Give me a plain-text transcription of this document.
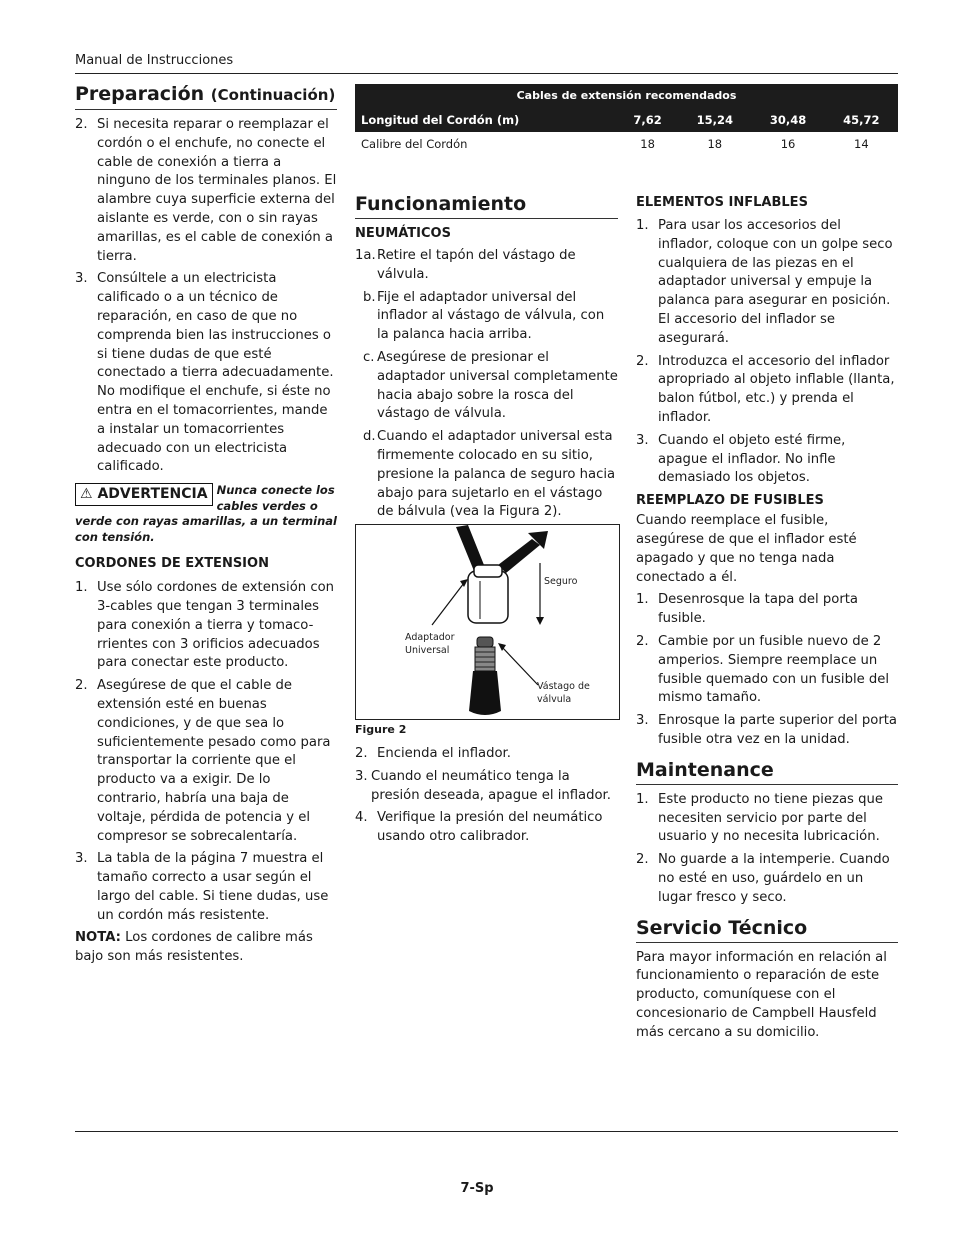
Manual de Instrucciones
Preparación (Continuación)
2. Si necesita reparar o reemplazar el cordón o el enchufe, no conecte el cable de conexión a tierra a ninguno de los terminales planos. El alambre cuya superficie externa del aislante es verde, con o sin rayas amarillas, es el cable de conexión a tierra.
3. Consúltele a un electricista calificado o a un técnico de reparación, en caso de que no comprenda bien las instrucciones o si tiene dudas de que esté conectado a tierra adecuadamente. No modifique el enchufe, si éste no entra en el tomacorrientes, mande a instalar un tomacorrientes adecuado con un electricista calificado.
⚠ ADVERTENCIA Nunca conecte los cables verdes o verde con rayas amarillas, a un terminal con tensión.
CORDONES DE EXTENSION
1. Use sólo cordones de extensión con 3-cables que tengan 3 terminales para conexión a tierra y tomaco-rrientes con 3 orificios adecuados para conectar este producto.
2. Asegúrese de que el cable de extensión esté en buenas condiciones, y de que sea lo suficientemente pesado como para transportar la corriente que el producto va a exigir. De lo contrario, habría una baja de voltaje, pérdida de potencia y el compresor se sobrecalentaría.
3. La tabla de la página 7 muestra el tamaño correcto a usar según el largo del cable. Si tiene dudas, use un cordón más resistente.

NOTA: Los cordones de calibre más bajo son más resistentes.

Cables de extensión recomendados				
Longitud del Cordón (m)	7,62	15,24	30,48	45,72
Calibre del Cordón	18	18	16	14
Funcionamiento
NEUMÁTICOS
1a. Retire el tapón del vástago de válvula.
b. Fije el adaptador universal del inflador al vástago de válvula, con la palanca hacia arriba.
c. Asegúrese de presionar el adaptador universal completamente hacia abajo sobre la rosca del vástago de válvula.
d. Cuando el adaptador universal esta firmemente colocado en su sitio, presione la palanca de seguro hacia abajo para sujetarlo en el vástago de bálvula (vea la Figura 2).
Seguro
Adaptador
Universal
Vástago de
válvula
Figure 2
2. Encienda el inflador.
3. Cuando el neumático tenga la presión deseada, apague el inflador.
4. Verifique la presión del neumático usando otro calibrador.
ELEMENTOS INFLABLES
1. Para usar los accesorios del inflador, coloque con un golpe seco cualquiera de las piezas en el adaptador universal y empuje la palanca para asegurar en posición. El accesorio del inflador se asegurará.
2. Introduzca el accesorio del inflador apropriado al objeto inflable (llanta, balon fútbol, etc.) y prenda el inflador.
3. Cuando el objeto esté firme, apague el inflador. No infle demasiado los objetos.
REEMPLAZO DE FUSIBLES

Cuando reemplace el fusible, asegúrese de que el inflador esté apagado y que no tenga nada conectado a él.

1. Desenrosque la tapa del porta fusible.
2. Cambie por un fusible nuevo de 2 amperios. Siempre reemplace un fusible quemado con un fusible del mismo tamaño.
3. Enrosque la parte superior del porta fusible otra vez en la unidad.
Maintenance
1. Este producto no tiene piezas que necesiten servicio por parte del usuario y no necesita lubricación.
2. No guarde a la intemperie. Cuando no esté en uso, guárdelo en un lugar fresco y seco.
Servicio Técnico

Para mayor información en relación al funcionamiento o reparación de este producto, comuníquese con el concesionario de Campbell Hausfeld más cercano a su domicilio.

7-Sp
